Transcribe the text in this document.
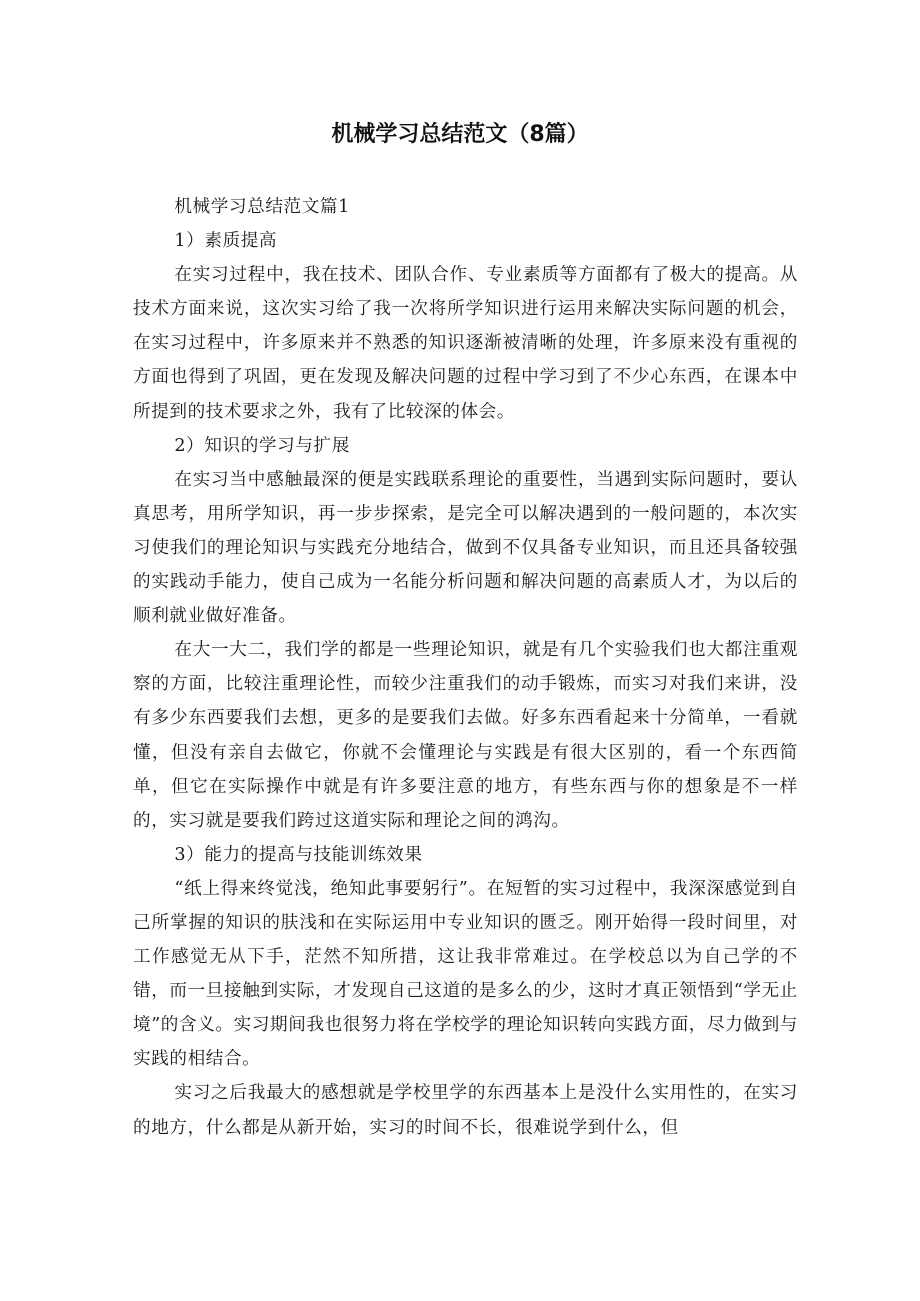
机械学习总结范文（8篇）

机械学习总结范文篇1

1）素质提高

在实习过程中，我在技术、团队合作、专业素质等方面都有了极大的提高。从技术方面来说，这次实习给了我一次将所学知识进行运用来解决实际问题的机会，在实习过程中，许多原来并不熟悉的知识逐渐被清晰的处理，许多原来没有重视的方面也得到了巩固，更在发现及解决问题的过程中学习到了不少心东西，在课本中所提到的技术要求之外，我有了比较深的体会。

2）知识的学习与扩展

在实习当中感触最深的便是实践联系理论的重要性，当遇到实际问题时，要认真思考，用所学知识，再一步步探索，是完全可以解决遇到的一般问题的，本次实习使我们的理论知识与实践充分地结合，做到不仅具备专业知识，而且还具备较强的实践动手能力，使自己成为一名能分析问题和解决问题的高素质人才，为以后的顺利就业做好准备。

在大一大二，我们学的都是一些理论知识，就是有几个实验我们也大都注重观察的方面，比较注重理论性，而较少注重我们的动手锻炼，而实习对我们来讲，没有多少东西要我们去想，更多的是要我们去做。好多东西看起来十分简单，一看就懂，但没有亲自去做它，你就不会懂理论与实践是有很大区别的，看一个东西简单，但它在实际操作中就是有许多要注意的地方，有些东西与你的想象是不一样的，实习就是要我们跨过这道实际和理论之间的鸿沟。

3）能力的提高与技能训练效果

“纸上得来终觉浅，绝知此事要躬行”。在短暂的实习过程中，我深深感觉到自己所掌握的知识的肤浅和在实际运用中专业知识的匮乏。刚开始得一段时间里，对工作感觉无从下手，茫然不知所措，这让我非常难过。在学校总以为自己学的不错，而一旦接触到实际，才发现自己这道的是多么的少，这时才真正领悟到“学无止境”的含义。实习期间我也很努力将在学校学的理论知识转向实践方面，尽力做到与实践的相结合。

实习之后我最大的感想就是学校里学的东西基本上是没什么实用性的，在实习的地方，什么都是从新开始，实习的时间不长，很难说学到什么，但
